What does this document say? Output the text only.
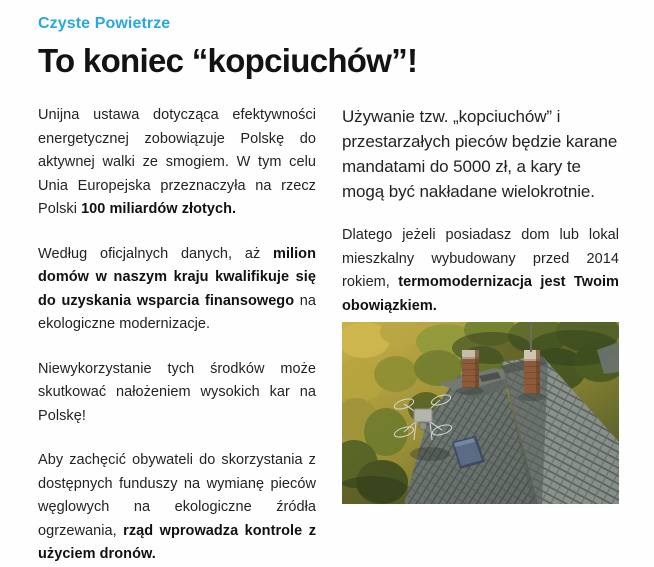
Czyste Powietrze
To koniec “kopciuchów”!

Unijna ustawa dotycząca efektywności energetycznej zobowiązuje Polskę do aktywnej walki ze smogiem. W tym celu Unia Europejska przeznaczyła na rzecz Polski 100 miliardów złotych.

Według oficjalnych danych, aż milion domów w naszym kraju kwalifikuje się do uzyskania wsparcia finansowego na ekologiczne modernizacje.

Niewykorzystanie tych środków może skutkować nałożeniem wysokich kar na Polskę!

Aby zachęcić obywateli do skorzystania z dostępnych funduszy na wymianę pieców węglowych na ekologiczne źródła ogrzewania, rząd wprowadza kontrole z użyciem dronów.

Używanie tzw. „kopciuchów” i przestarzałych pieców będzie karane mandatami do 5000 zł, a kary te mogą być nakładane wielokrotnie.

Dlatego jeżeli posiadasz dom lub lokal mieszkalny wybudowany przed 2014 rokiem, termomodernizacja jest Twoim obowiązkiem.
